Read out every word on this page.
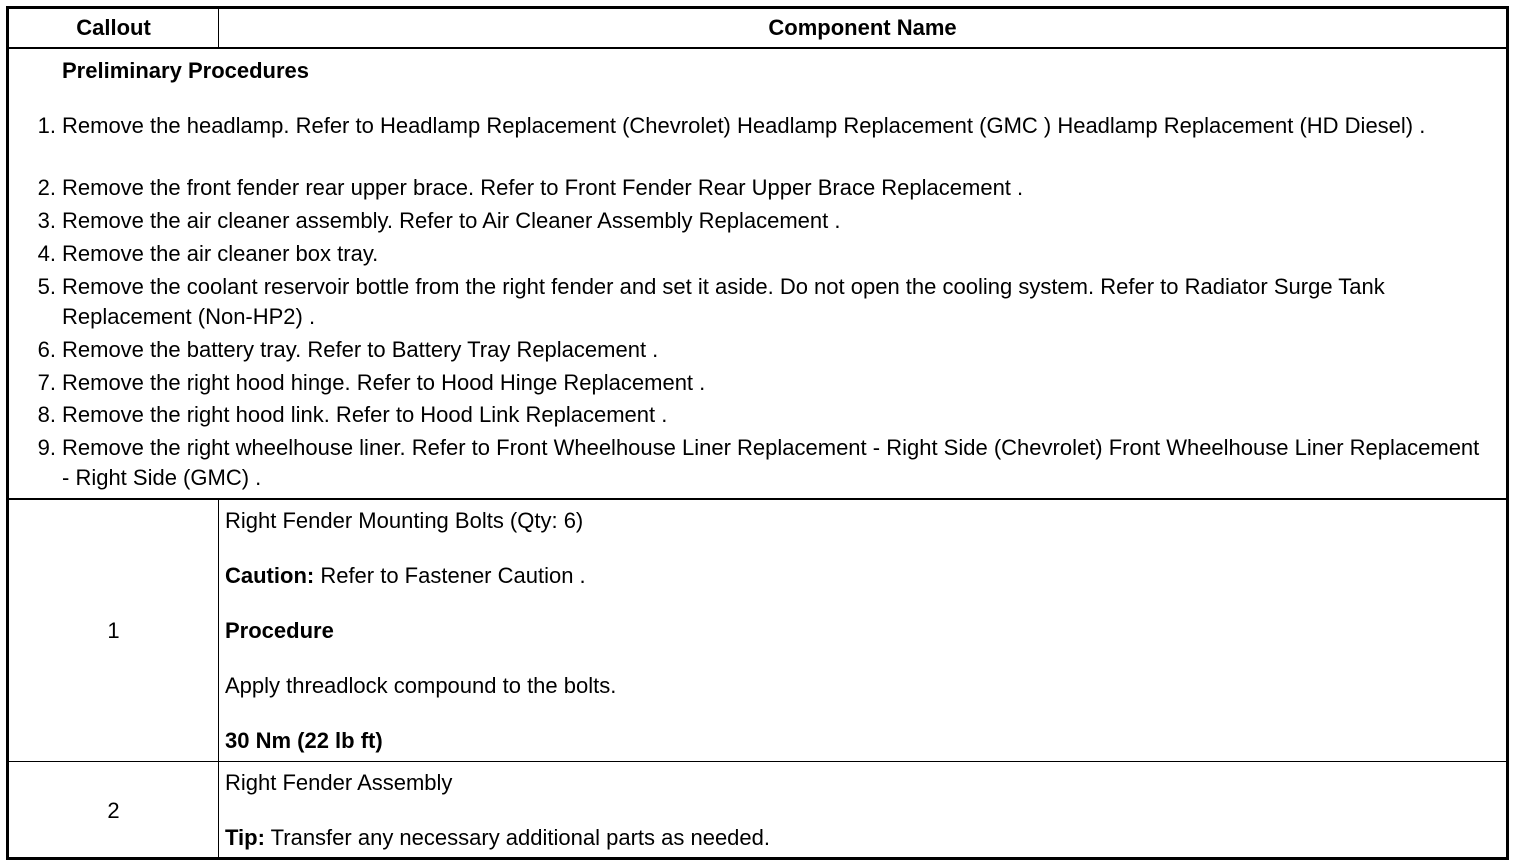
Callout	Component Name
Preliminary Procedures
1. Remove the headlamp. Refer to Headlamp Replacement (Chevrolet) Headlamp Replacement (GMC ) Headlamp Replacement (HD Diesel) .
2. Remove the front fender rear upper brace. Refer to Front Fender Rear Upper Brace Replacement .
3. Remove the air cleaner assembly. Refer to Air Cleaner Assembly Replacement .
4. Remove the air cleaner box tray.
5. Remove the coolant reservoir bottle from the right fender and set it aside. Do not open the cooling system. Refer to Radiator Surge Tank Replacement (Non-HP2) .
6. Remove the battery tray. Refer to Battery Tray Replacement .
7. Remove the right hood hinge. Refer to Hood Hinge Replacement .
8. Remove the right hood link. Refer to Hood Link Replacement .
9. Remove the right wheelhouse liner. Refer to Front Wheelhouse Liner Replacement - Right Side (Chevrolet) Front Wheelhouse Liner Replacement - Right Side (GMC) .
1
Right Fender Mounting Bolts (Qty: 6)
Caution: Refer to Fastener Caution .
Procedure
Apply threadlock compound to the bolts.
30 Nm (22 lb ft)
2
Right Fender Assembly
Tip: Transfer any necessary additional parts as needed.
